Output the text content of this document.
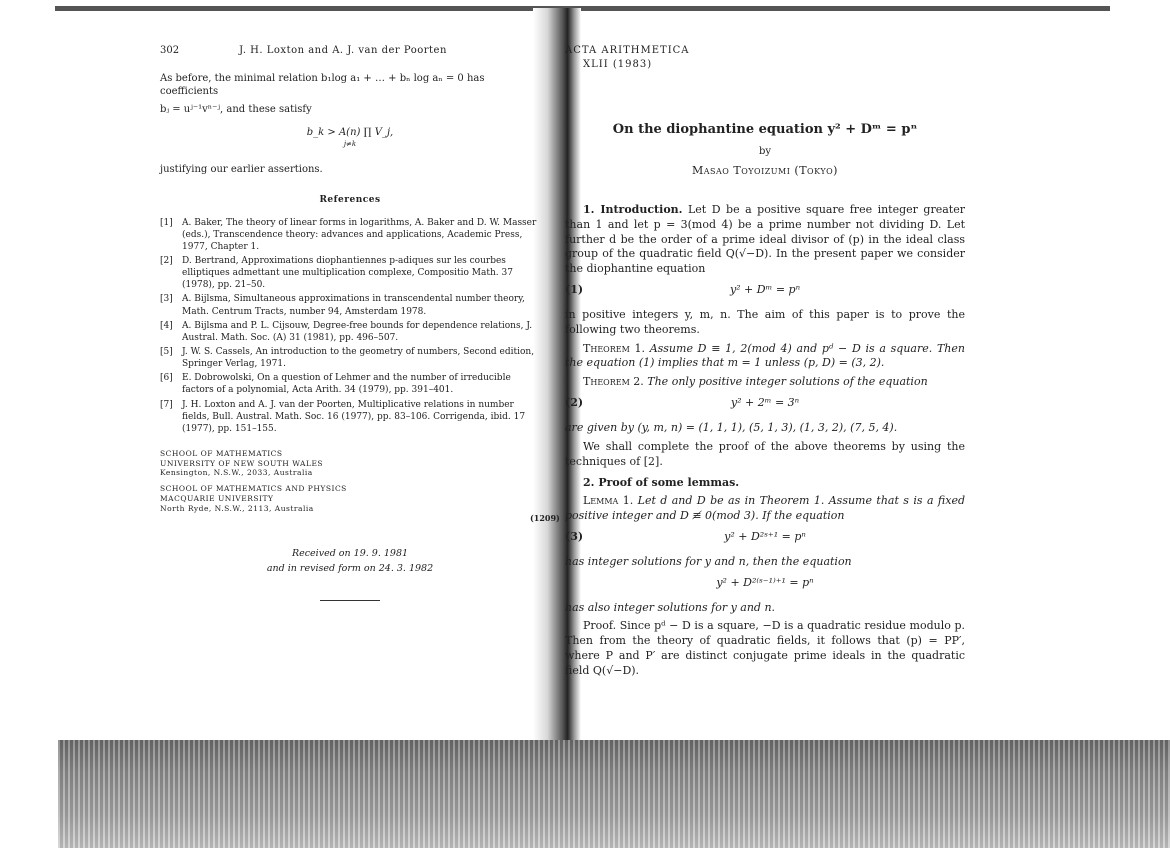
302	J. H. Loxton and A. J. van der Poorten

As before, the minimal relation b₁log a₁ + … + bₙ log aₙ = 0 has coefficients

bⱼ = uʲ⁻¹vⁿ⁻ʲ, and these satisfy

b_k > A(n) ∏ V_j,
j≠k

justifying our earlier assertions.

References
[1]	A. Baker, The theory of linear forms in logarithms, A. Baker and D. W. Masser (eds.), Transcendence theory: advances and applications, Academic Press, 1977, Chapter 1.
[2]	D. Bertrand, Approximations diophantiennes p-adiques sur les courbes elliptiques admettant une multiplication complexe, Compositio Math. 37 (1978), pp. 21–50.
[3]	A. Bijlsma, Simultaneous approximations in transcendental number theory, Math. Centrum Tracts, number 94, Amsterdam 1978.
[4]	A. Bijlsma and P. L. Cijsouw, Degree-free bounds for dependence relations, J. Austral. Math. Soc. (A) 31 (1981), pp. 496–507.
[5]	J. W. S. Cassels, An introduction to the geometry of numbers, Second edition, Springer Verlag, 1971.
[6]	E. Dobrowolski, On a question of Lehmer and the number of irreducible factors of a polynomial, Acta Arith. 34 (1979), pp. 391–401.
[7]	J. H. Loxton and A. J. van der Poorten, Multiplicative relations in number fields, Bull. Austral. Math. Soc. 16 (1977), pp. 83–106. Corrigenda, ibid. 17 (1977), pp. 151–155.
SCHOOL OF MATHEMATICS
UNIVERSITY OF NEW SOUTH WALES
Kensington, N.S.W., 2033, Australia
SCHOOL OF MATHEMATICS AND PHYSICS
MACQUARIE UNIVERSITY
North Ryde, N.S.W., 2113, Australia
Received on 19. 9. 1981
and in revised form on 24. 3. 1982
(1209)
ACTA ARITHMETICA
XLII (1983)
On the diophantine equation y² + Dᵐ = pⁿ
by
Masao Toyoizumi (Tokyo)

1. Introduction. Let D be a positive square free integer greater than 1 and let p = 3(mod 4) be a prime number not dividing D. Let further d be the order of a prime ideal divisor of (p) in the ideal class group of the quadratic field Q(√−D). In the present paper we consider the diophantine equation

(1)	y² + Dᵐ = pⁿ

in positive integers y, m, n. The aim of this paper is to prove the following two theorems.

Theorem 1. Assume D ≡ 1, 2(mod 4) and pᵈ − D is a square. Then the equation (1) implies that m = 1 unless (p, D) = (3, 2).

Theorem 2. The only positive integer solutions of the equation

(2)	y² + 2ᵐ = 3ⁿ

are given by (y, m, n) = (1, 1, 1), (5, 1, 3), (1, 3, 2), (7, 5, 4).

We shall complete the proof of the above theorems by using the techniques of [2].

2. Proof of some lemmas.

Lemma 1. Let d and D be as in Theorem 1. Assume that s is a fixed positive integer and D ≢ 0(mod 3). If the equation

(3)	y² + D²ˢ⁺¹ = pⁿ

has integer solutions for y and n, then the equation

y² + D²⁽ˢ⁻¹⁾⁺¹ = pⁿ

has also integer solutions for y and n.

Proof. Since pᵈ − D is a square, −D is a quadratic residue modulo p. Then from the theory of quadratic fields, it follows that (p) = PP′, where P and P′ are distinct conjugate prime ideals in the quadratic field Q(√−D).
